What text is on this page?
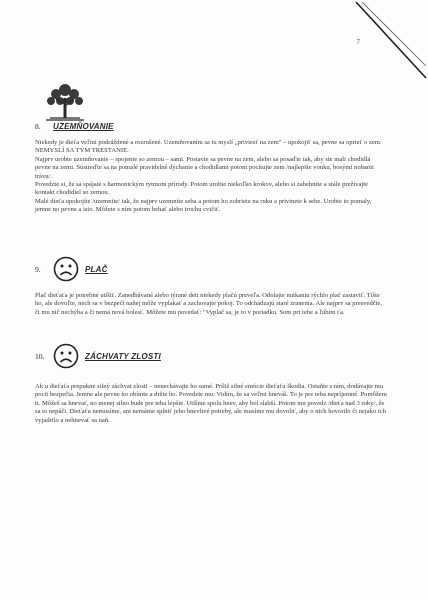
7
8.	UZEMŇOVANIE

Niekedy je dieťa veľmi podráždené a rozrušené. Uzemňovaním sa tu myslí „priviesť na zem" – upokojiť sa, pevne sa oprieť o zem. NEMYSLÍ SA TÝM TRESTANIE.

Najprv urobte uzemňovanie – spojenie so zemou – sami. Postavte sa pevne na zem, alebo sa posaďte tak, aby ste mali chodidlá pevne na zemi. Sústreďte sa na pomalé pravidelné dýchanie a chodidlami potom pocítujte zem /najlepšie vonku, bosými nohami trávu/.

Povedzte si, že sa spájate s harmonickým rytmom prírody. Potom urobte niekoľko krokov, alebo si zabehnite a stále prežívajte kontakt chodidiel so zemou.

Malé dieťa upokojíte /uzemníte/ tak, že najprv uzemníte seba a potom ho zobriete na ruku a privinete k sebe. Urobte to pomaly, jemne no pevne a isto. Môžete s ním potom behať alebo trochu cvičiť.

9.	PLAČ

Plač dieťaťa je potrebné utíšiť. Zanedbávané alebo týrané deti niekedy plačú preveľa. Odolajte nutkaniu rýchlo plač zastaviť. Tíšte ho, ale dovoľte, nech sa v bezpečí naňej môže vyplakať a zachovajte pokoj. To odchádzajú staré zranenia. Ale najprv sa presvedčte, či mu nič nechýba a či nemá nová bolesť. Môžete mu povedať: "Vyplač sa, je to v poriadku. Som pri tebe a ľúbim ťa.

10.	ZÁCHVATY ZLOSTI

Ak u dieťaťa prepukne silný záchvat zlosti – nenechávajte ho samé. Príliš silné emócie dieťaťu škodia. Ostaňte s ním, dodávajte mu pocit bezpečia. Jemne ale pevne ho obímte a držte ho. Povedzte mu: Vidím, že sa veľmi hneváš. To je pre teba nepríjemné. Pomôžem ti. Môžeš sa hnevať, no menej silno bude pre teba lepšie. Utíšme spolu hnev, aby bol slabší. Potom mu povedz /dieťa nad 3 roky/, že sa to nepáči. Dieťaťu nemusíme, ani nemáme splniť jeho hnevlivé potreby, ale musíme mu dovoliť, aby o nich hovorilo či nejako ich vyjadrilo a nehnevať sa naň.
